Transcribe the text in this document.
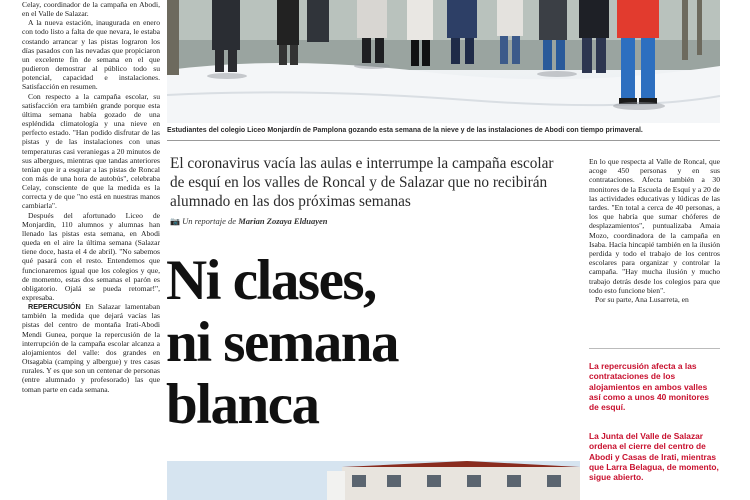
Celay, coordinador de la campaña en Abodi, en el Valle de Salazar.

A la nueva estación, inaugurada en enero con todo listo a falta de que nevara, le estaba costando arrancar y las pistas lograron los días pasados con las nevadas que propiciaron un excelente fin de semana en el que pudieron demostrar al público todo su potencial, capacidad e instalaciones. Satisfacción en resumen.

Con respecto a la campaña escolar, su satisfacción era también grande porque esta última semana había gozado de una espléndida climatología y una nieve en perfecto estado. "Han podido disfrutar de las pistas y de las instalaciones con unas temperaturas casi veraniegas a 20 minutos de sus albergues, mientras que tandas anteriores tenían que ir a esquiar a las pistas de Roncal con más de una hora de autobús", celebraba Celay, consciente de que la medida es la correcta y de que "no está en nuestras manos cambiarla".

Después del afortunado Liceo de Monjardín, 110 alumnos y alumnas han llenado las pistas esta semana, en Abodi queda en el aire la última semana (Salazar tiene doce, hasta el 4 de abril). "No sabemos qué pasará con el resto. Entendemos que funcionaremos igual que los colegios y que, de momento, estas dos semanas el parón es obligatorio. Ojalá se pueda retomar!", expresaba.

REPERCUSIÓN En Salazar lamentaban también la medida que dejará vacías las pistas del centro de montaña Irati-Abodi Mendi Gunea, porque la repercusión de la interrupción de la campaña escolar alcanza a alojamientos del valle: dos grandes en Otsagabia (camping y albergue) y tres casas rurales. Y es que son un centenar de personas (entre alumnado y profesorado) las que toman parte en cada semana.

Estudiantes del colegio Liceo Monjardín de Pamplona gozando esta semana de la nieve y de las instalaciones de Abodi con tiempo primaveral.
El coronavirus vacía las aulas e interrumpe la campaña escolar de esquí en los valles de Roncal y de Salazar que no recibirán alumnado en las dos próximas semanas
📷 Un reportaje de Marian Zozaya Elduayen
Ni clases,
ni semana
blanca

En lo que respecta al Valle de Roncal, que acoge 450 personas y en sus contrataciones. Afecta también a 30 monitores de la Escuela de Esquí y a 20 de las actividades educativas y lúdicas de las tardes. "En total a cerca de 40 personas, a los que habría que sumar chóferes de desplazamientos", puntualizaba Amaia Mozo, coordinadora de la campaña en Isaba. Hacía hincapié también en la ilusión perdida y todo el trabajo de los centros escolares para organizar y controlar la campaña. "Hay mucha ilusión y mucho trabajo detrás desde los colegios para que todo esto funcione bien".

Por su parte, Ana Lusarreta, en

La repercusión afecta a las contrataciones de los alojamientos en ambos valles así como a unos 40 monitores de esquí.
La Junta del Valle de Salazar ordena el cierre del centro de Abodi y Casas de Irati, mientras que Larra Belagua, de momento, sigue abierto.
